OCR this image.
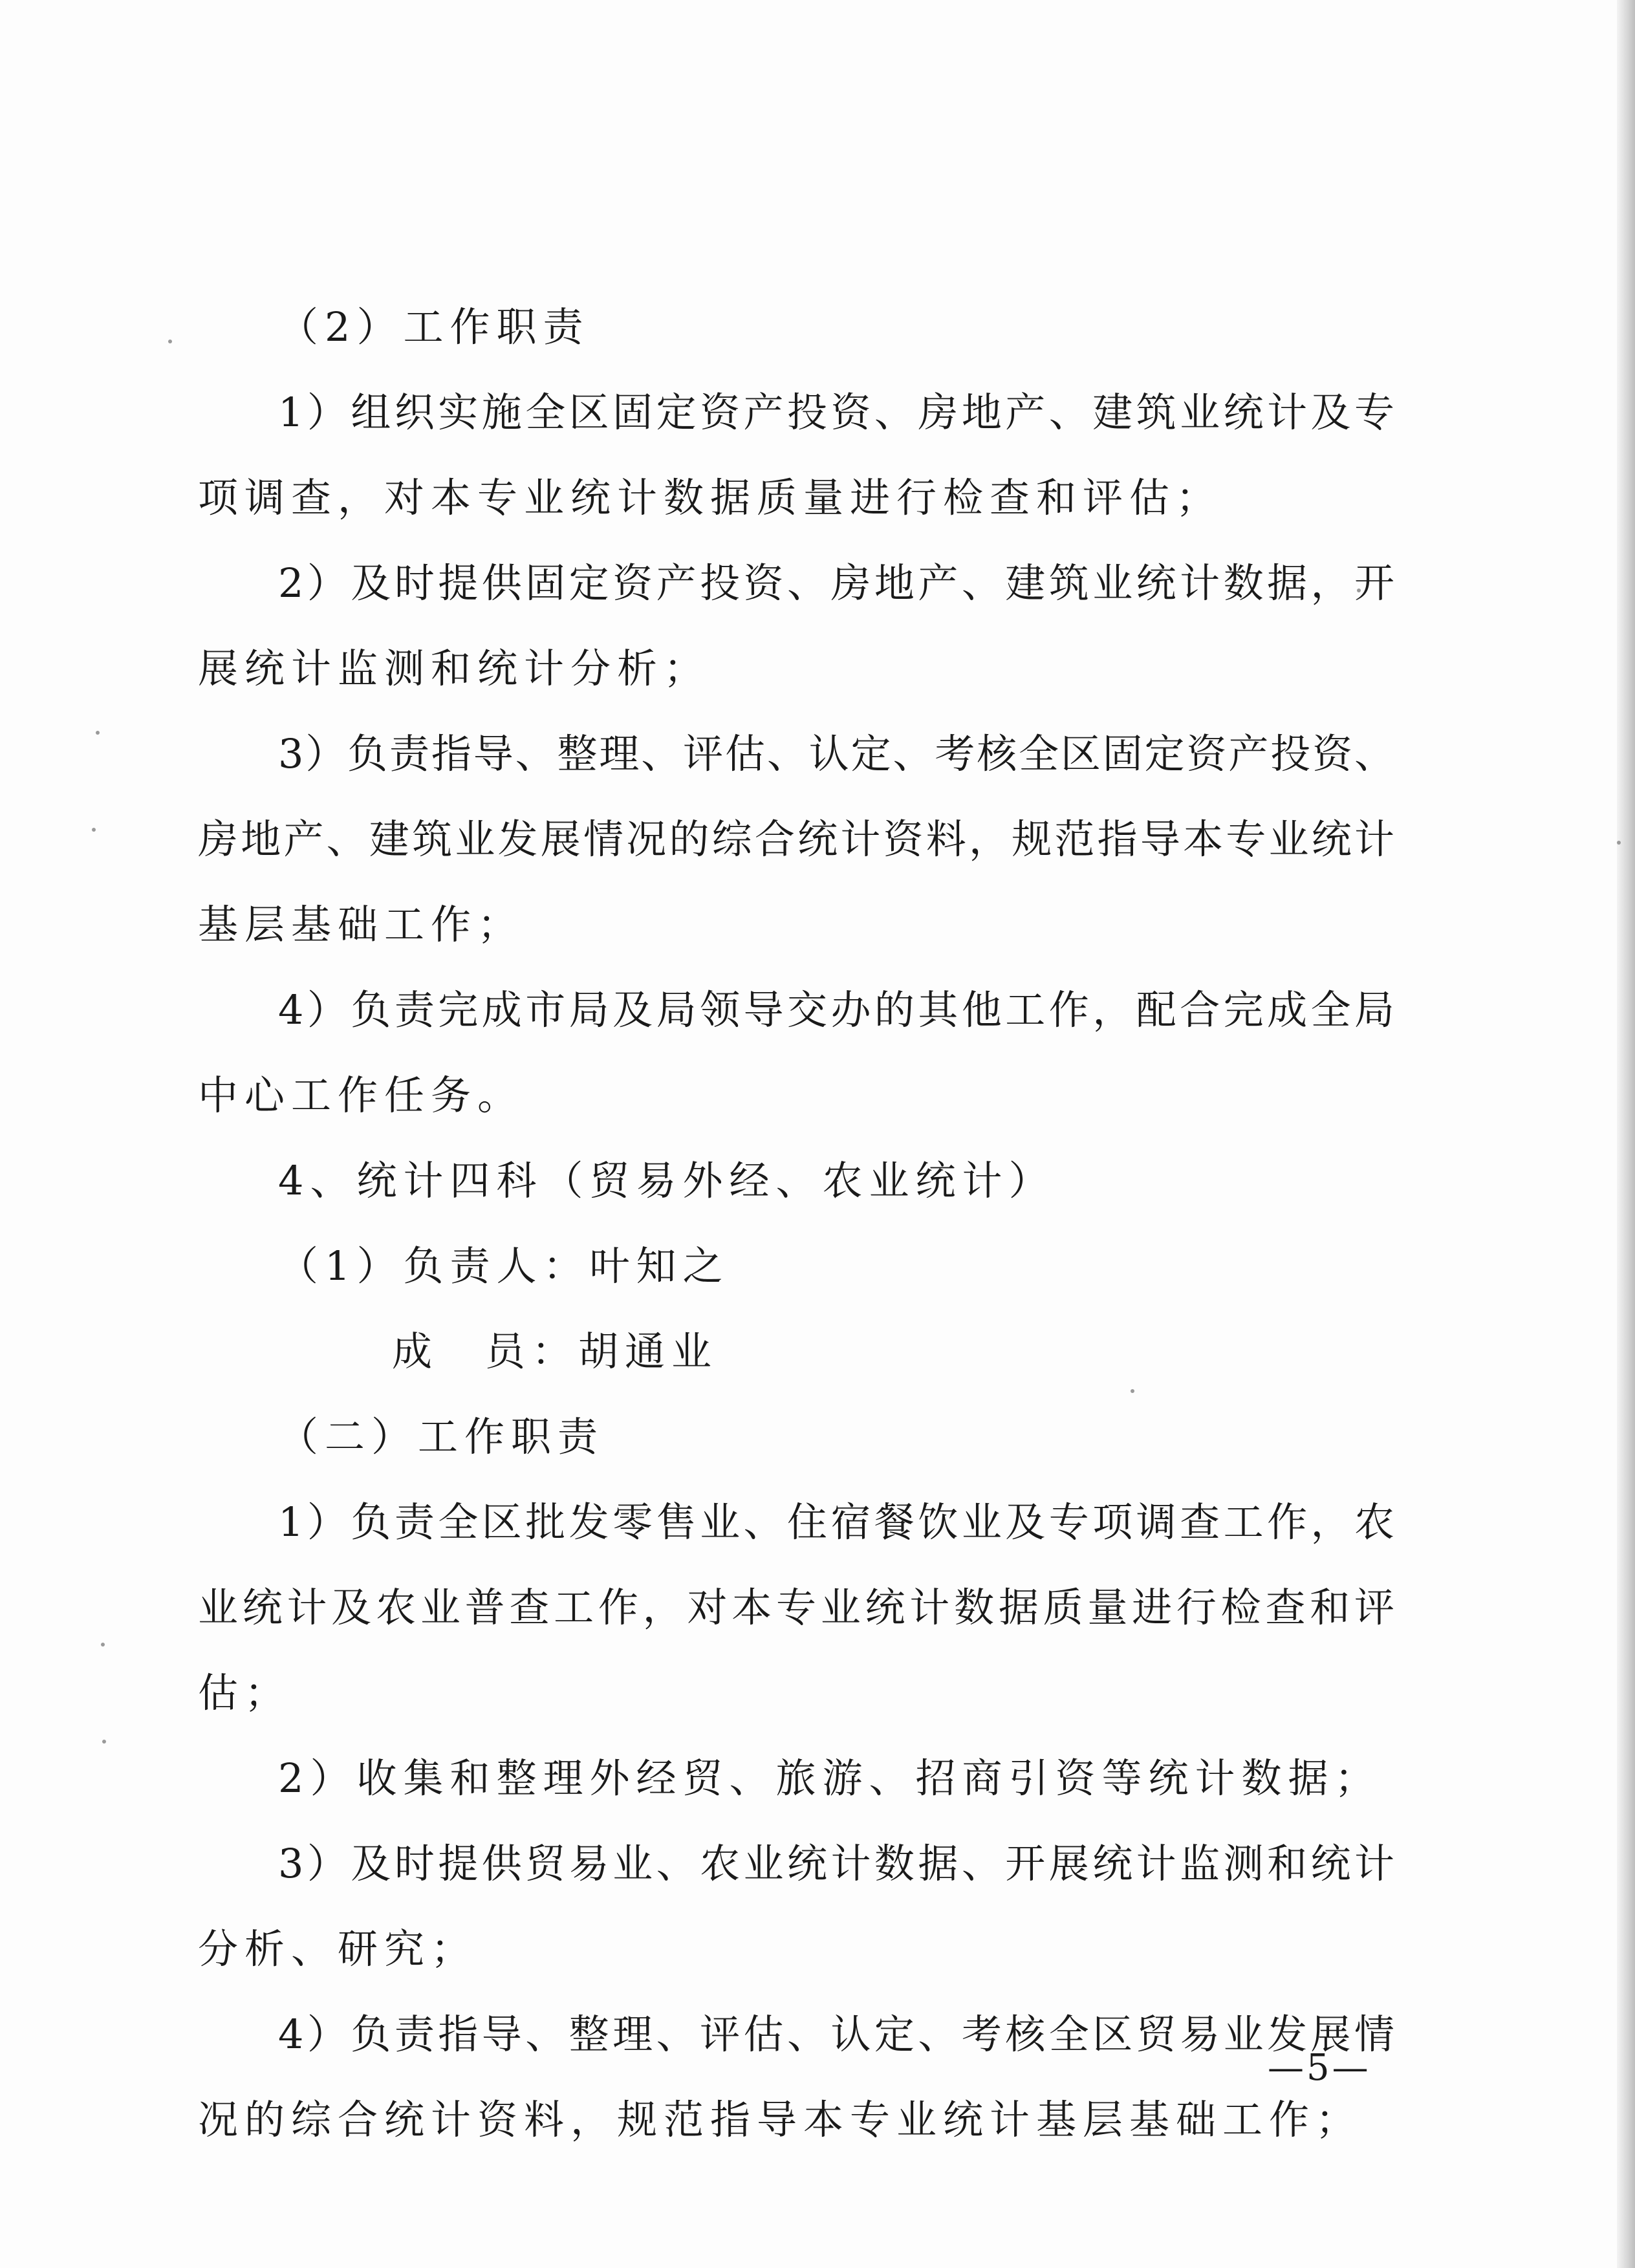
（2）工作职责
1）组织实施全区固定资产投资、房地产、建筑业统计及专
项调查，对本专业统计数据质量进行检查和评估；
2）及时提供固定资产投资、房地产、建筑业统计数据，开
展统计监测和统计分析；
3）负责指导、整理、评估、认定、考核全区固定资产投资、
房地产、建筑业发展情况的综合统计资料，规范指导本专业统计
基层基础工作；
4）负责完成市局及局领导交办的其他工作，配合完成全局
中心工作任务。
4、统计四科（贸易外经、农业统计）
（1）负责人：叶知之
成　员：胡通业
（二）工作职责
1）负责全区批发零售业、住宿餐饮业及专项调查工作，农
业统计及农业普查工作，对本专业统计数据质量进行检查和评
估；
2）收集和整理外经贸、旅游、招商引资等统计数据；
3）及时提供贸易业、农业统计数据、开展统计监测和统计
分析、研究；
4）负责指导、整理、评估、认定、考核全区贸易业发展情
况的综合统计资料，规范指导本专业统计基层基础工作；
—5—
